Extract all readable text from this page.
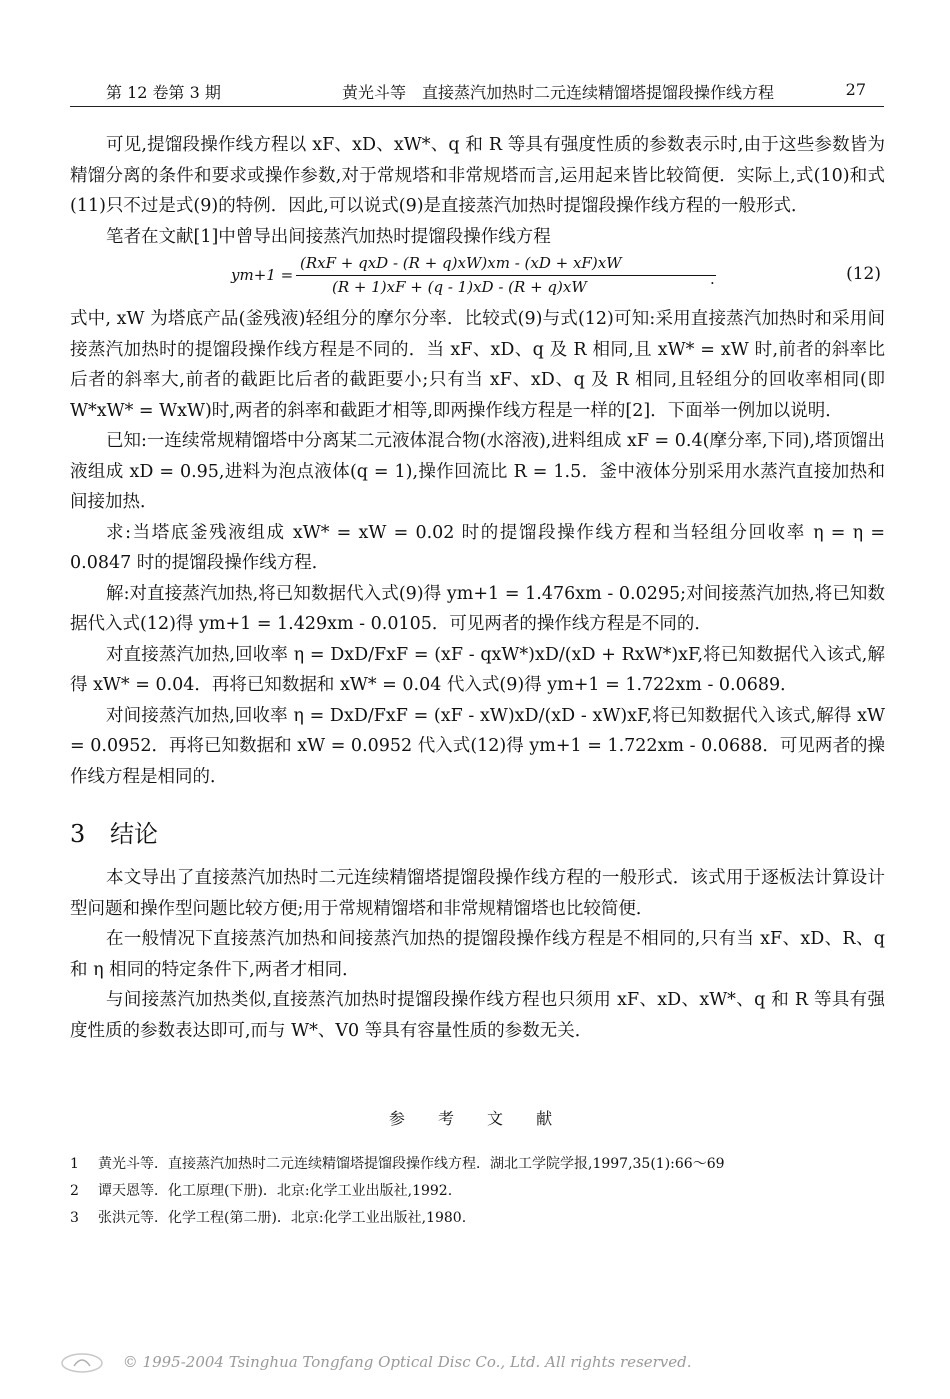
第 12 卷第 3 期	黄光斗等　直接蒸汽加热时二元连续精馏塔提馏段操作线方程	27

可见,提馏段操作线方程以 xF、xD、xW*、q 和 R 等具有强度性质的参数表示时,由于这些参数皆为精馏分离的条件和要求或操作参数,对于常规塔和非常规塔而言,运用起来皆比较简便．实际上,式(10)和式(11)只不过是式(9)的特例．因此,可以说式(9)是直接蒸汽加热时提馏段操作线方程的一般形式．

笔者在文献[1]中曾导出间接蒸汽加热时提馏段操作线方程

ym+1 =
(RxF + qxD - (R + q)xW)xm - (xD + xF)xW
(R + 1)xF + (q - 1)xD - (R + q)xW	.	(12)

式中, xW 为塔底产品(釜残液)轻组分的摩尔分率．比较式(9)与式(12)可知:采用直接蒸汽加热时和采用间接蒸汽加热时的提馏段操作线方程是不同的．当 xF、xD、q 及 R 相同,且 xW* = xW 时,前者的斜率比后者的斜率大,前者的截距比后者的截距要小;只有当 xF、xD、q 及 R 相同,且轻组分的回收率相同(即 W*xW* = WxW)时,两者的斜率和截距才相等,即两操作线方程是一样的[2]．下面举一例加以说明．

已知:一连续常规精馏塔中分离某二元液体混合物(水溶液),进料组成 xF = 0.4(摩分率,下同),塔顶馏出液组成 xD = 0.95,进料为泡点液体(q = 1),操作回流比 R = 1.5．釜中液体分别采用水蒸汽直接加热和间接加热．

求:当塔底釜残液组成 xW* = xW = 0.02 时的提馏段操作线方程和当轻组分回收率 η = η = 0.0847 时的提馏段操作线方程．

解:对直接蒸汽加热,将已知数据代入式(9)得 ym+1 = 1.476xm - 0.0295;对间接蒸汽加热,将已知数据代入式(12)得 ym+1 = 1.429xm - 0.0105．可见两者的操作线方程是不同的．

对直接蒸汽加热,回收率 η = DxD/FxF = (xF - qxW*)xD/(xD + RxW*)xF,将已知数据代入该式,解得 xW* = 0.04．再将已知数据和 xW* = 0.04 代入式(9)得 ym+1 = 1.722xm - 0.0689．

对间接蒸汽加热,回收率 η = DxD/FxF = (xF - xW)xD/(xD - xW)xF,将已知数据代入该式,解得 xW = 0.0952．再将已知数据和 xW = 0.0952 代入式(12)得 ym+1 = 1.722xm - 0.0688．可见两者的操作线方程是相同的．

3 结论

本文导出了直接蒸汽加热时二元连续精馏塔提馏段操作线方程的一般形式．该式用于逐板法计算设计型问题和操作型问题比较方便;用于常规精馏塔和非常规精馏塔也比较简便．

在一般情况下直接蒸汽加热和间接蒸汽加热的提馏段操作线方程是不相同的,只有当 xF、xD、R、q 和 η 相同的特定条件下,两者才相同．

与间接蒸汽加热类似,直接蒸汽加热时提馏段操作线方程也只须用 xF、xD、xW*、q 和 R 等具有强度性质的参数表达即可,而与 W*、V0 等具有容量性质的参数无关．

参 考 文 献
1 黄光斗等．直接蒸汽加热时二元连续精馏塔提馏段操作线方程．湖北工学院学报,1997,35(1):66～69
2 谭天恩等．化工原理(下册)．北京:化学工业出版社,1992.
3 张洪元等．化学工程(第二册)．北京:化学工业出版社,1980.
© 1995-2004 Tsinghua Tongfang Optical Disc Co., Ltd. All rights reserved.
